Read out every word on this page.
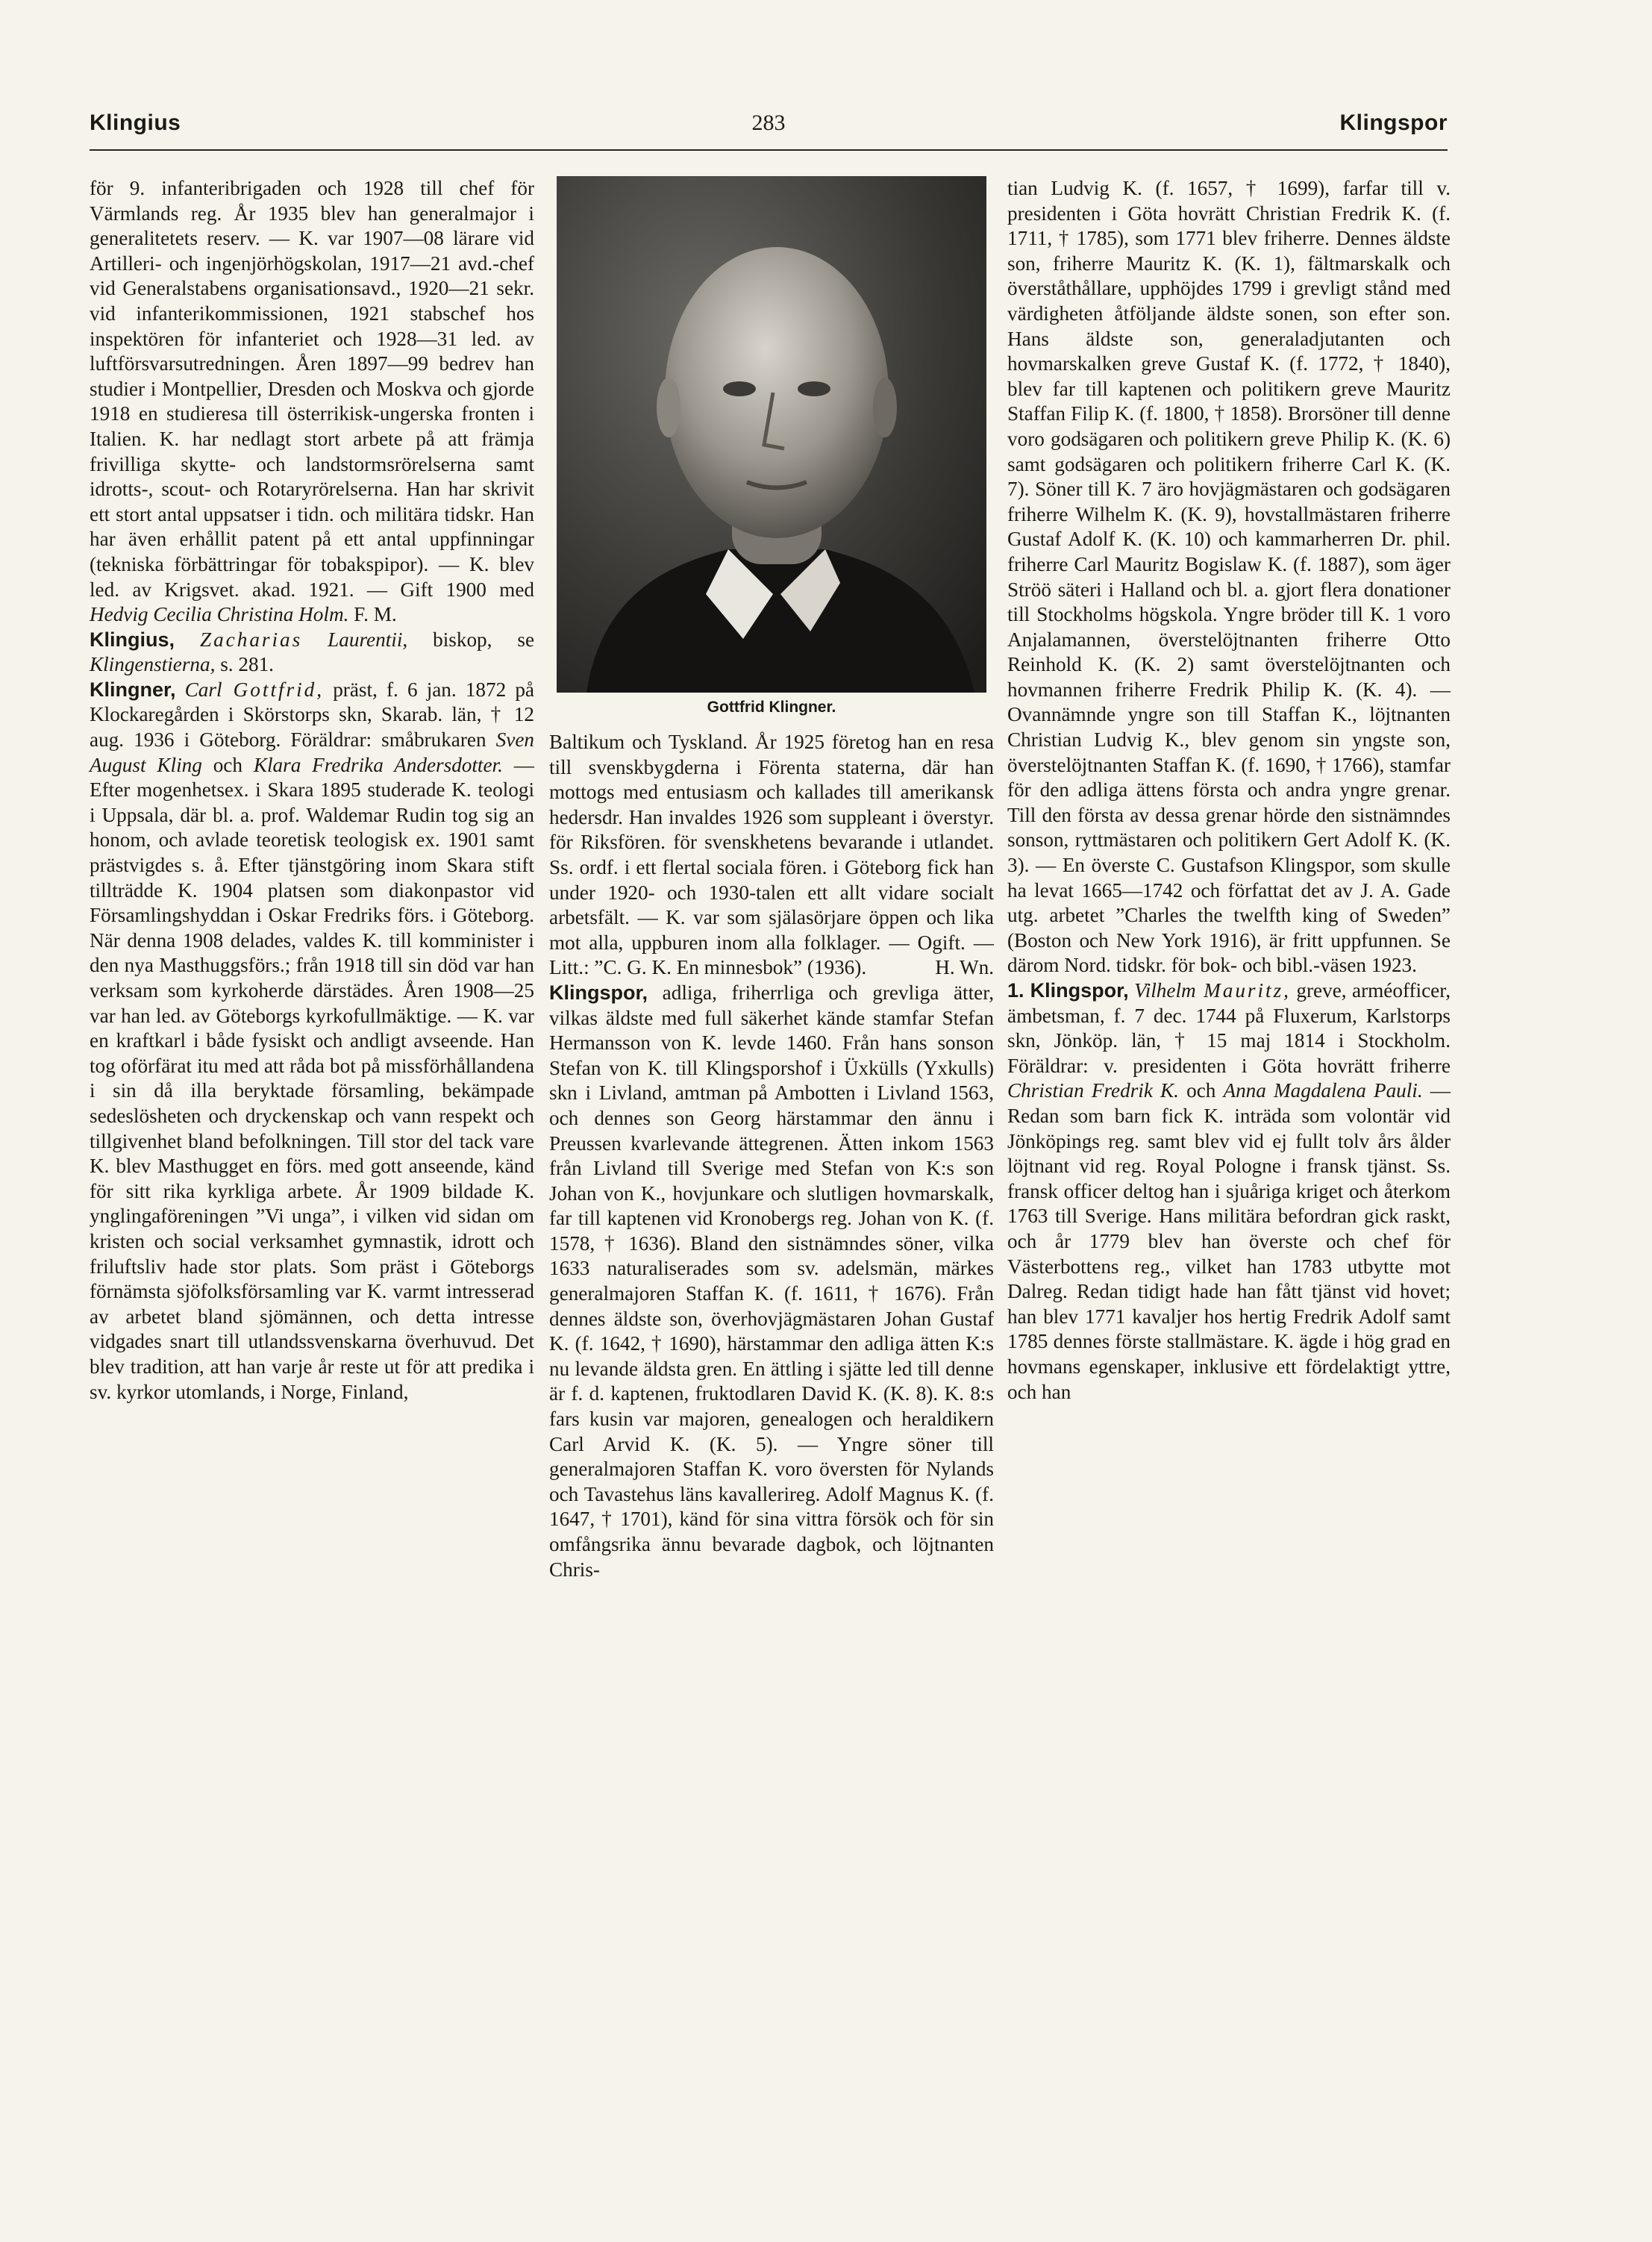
Klingius	283	Klingspor

för 9. infanteribrigaden och 1928 till chef för Värmlands reg. År 1935 blev han generalmajor i generalitetets reserv. — K. var 1907—08 lärare vid Artilleri- och ingenjörhögskolan, 1917—21 avd.-chef vid Generalstabens organisationsavd., 1920—21 sekr. vid infanterikommissionen, 1921 stabschef hos inspektören för infanteriet och 1928—31 led. av luftförsvarsutredningen. Åren 1897—99 bedrev han studier i Montpellier, Dresden och Moskva och gjorde 1918 en studieresa till österrikisk-ungerska fronten i Italien. K. har nedlagt stort arbete på att främja frivilliga skytte- och landstormsrörelserna samt idrotts-, scout- och Rotaryrörelserna. Han har skrivit ett stort antal uppsatser i tidn. och militära tidskr. Han har även erhållit patent på ett antal uppfinningar (tekniska förbättringar för tobakspipor). — K. blev led. av Krigsvet. akad. 1921. — Gift 1900 med Hedvig Cecilia Christina Holm. F. M.

Klingius, Zacharias Laurentii, biskop, se Klingenstierna, s. 281.

Klingner, Carl Gottfrid, präst, f. 6 jan. 1872 på Klockaregården i Skörstorps skn, Skarab. län, † 12 aug. 1936 i Göteborg. Föräldrar: småbrukaren Sven August Kling och Klara Fredrika Andersdotter. — Efter mogenhetsex. i Skara 1895 studerade K. teologi i Uppsala, där bl. a. prof. Waldemar Rudin tog sig an honom, och avlade teoretisk teologisk ex. 1901 samt prästvigdes s. å. Efter tjänstgöring inom Skara stift tillträdde K. 1904 platsen som diakonpastor vid Församlingshyddan i Oskar Fredriks förs. i Göteborg. När denna 1908 delades, valdes K. till komminister i den nya Masthuggsförs.; från 1918 till sin död var han verksam som kyrkoherde därstädes. Åren 1908—25 var han led. av Göteborgs kyrkofullmäktige. — K. var en kraftkarl i både fysiskt och andligt avseende. Han tog oförfärat itu med att råda bot på missförhållandena i sin då illa beryktade församling, bekämpade sedeslösheten och dryckenskap och vann respekt och tillgivenhet bland befolkningen. Till stor del tack vare K. blev Masthugget en förs. med gott anseende, känd för sitt rika kyrkliga arbete. År 1909 bildade K. ynglingaföreningen ”Vi unga”, i vilken vid sidan om kristen och social verksamhet gymnastik, idrott och friluftsliv hade stor plats. Som präst i Göteborgs förnämsta sjöfolksförsamling var K. varmt intresserad av arbetet bland sjömännen, och detta intresse vidgades snart till utlandssvenskarna överhuvud. Det blev tradition, att han varje år reste ut för att predika i sv. kyrkor utomlands, i Norge, Finland,

Gottfrid Klingner.

Baltikum och Tyskland. År 1925 företog han en resa till svenskbygderna i Förenta staterna, där han mottogs med entusiasm och kallades till amerikansk hedersdr. Han invaldes 1926 som suppleant i överstyr. för Riksfören. för svenskhetens bevarande i utlandet. Ss. ordf. i ett flertal sociala fören. i Göteborg fick han under 1920- och 1930-talen ett allt vidare socialt arbetsfält. — K. var som själasörjare öppen och lika mot alla, uppburen inom alla folklager. — Ogift. — Litt.: ”C. G. K. En minnesbok” (1936).	H. Wn.

Klingspor, adliga, friherrliga och grevliga ätter, vilkas äldste med full säkerhet kände stamfar Stefan Hermansson von K. levde 1460. Från hans sonson Stefan von K. till Klingsporshof i Üxkülls (Yxkulls) skn i Livland, amtman på Ambotten i Livland 1563, och dennes son Georg härstammar den ännu i Preussen kvarlevande ättegrenen. Ätten inkom 1563 från Livland till Sverige med Stefan von K:s son Johan von K., hovjunkare och slutligen hovmarskalk, far till kaptenen vid Kronobergs reg. Johan von K. (f. 1578, † 1636). Bland den sistnämndes söner, vilka 1633 naturaliserades som sv. adelsmän, märkes generalmajoren Staffan K. (f. 1611, † 1676). Från dennes äldste son, överhovjägmästaren Johan Gustaf K. (f. 1642, † 1690), härstammar den adliga ätten K:s nu levande äldsta gren. En ättling i sjätte led till denne är f. d. kaptenen, fruktodlaren David K. (K. 8). K. 8:s fars kusin var majoren, genealogen och heraldikern Carl Arvid K. (K. 5). — Yngre söner till generalmajoren Staffan K. voro översten för Nylands och Tavastehus läns kavallerireg. Adolf Magnus K. (f. 1647, † 1701), känd för sina vittra försök och för sin omfångsrika ännu bevarade dagbok, och löjtnanten Chris-

tian Ludvig K. (f. 1657, † 1699), farfar till v. presidenten i Göta hovrätt Christian Fredrik K. (f. 1711, † 1785), som 1771 blev friherre. Dennes äldste son, friherre Mauritz K. (K. 1), fältmarskalk och överståthållare, upphöjdes 1799 i grevligt stånd med värdigheten åtföljande äldste sonen, son efter son. Hans äldste son, generaladjutanten och hovmarskalken greve Gustaf K. (f. 1772, † 1840), blev far till kaptenen och politikern greve Mauritz Staffan Filip K. (f. 1800, † 1858). Brorsöner till denne voro godsägaren och politikern greve Philip K. (K. 6) samt godsägaren och politikern friherre Carl K. (K. 7). Söner till K. 7 äro hovjägmästaren och godsägaren friherre Wilhelm K. (K. 9), hovstallmästaren friherre Gustaf Adolf K. (K. 10) och kammarherren Dr. phil. friherre Carl Mauritz Bogislaw K. (f. 1887), som äger Ströö säteri i Halland och bl. a. gjort flera donationer till Stockholms högskola. Yngre bröder till K. 1 voro Anjalamannen, överstelöjtnanten friherre Otto Reinhold K. (K. 2) samt överstelöjtnanten och hovmannen friherre Fredrik Philip K. (K. 4). — Ovannämnde yngre son till Staffan K., löjtnanten Christian Ludvig K., blev genom sin yngste son, överstelöjtnanten Staffan K. (f. 1690, † 1766), stamfar för den adliga ättens första och andra yngre grenar. Till den första av dessa grenar hörde den sistnämndes sonson, ryttmästaren och politikern Gert Adolf K. (K. 3). — En överste C. Gustafson Klingspor, som skulle ha levat 1665—1742 och författat det av J. A. Gade utg. arbetet ”Charles the twelfth king of Sweden” (Boston och New York 1916), är fritt uppfunnen. Se därom Nord. tidskr. för bok- och bibl.-väsen 1923.

1. Klingspor, Vilhelm Mauritz, greve, arméofficer, ämbetsman, f. 7 dec. 1744 på Fluxerum, Karlstorps skn, Jönköp. län, † 15 maj 1814 i Stockholm. Föräldrar: v. presidenten i Göta hovrätt friherre Christian Fredrik K. och Anna Magdalena Pauli. — Redan som barn fick K. inträda som volontär vid Jönköpings reg. samt blev vid ej fullt tolv års ålder löjtnant vid reg. Royal Pologne i fransk tjänst. Ss. fransk officer deltog han i sjuåriga kriget och återkom 1763 till Sverige. Hans militära befordran gick raskt, och år 1779 blev han överste och chef för Västerbottens reg., vilket han 1783 utbytte mot Dalreg. Redan tidigt hade han fått tjänst vid hovet; han blev 1771 kavaljer hos hertig Fredrik Adolf samt 1785 dennes förste stallmästare. K. ägde i hög grad en hovmans egenskaper, inklusive ett fördelaktigt yttre, och han
